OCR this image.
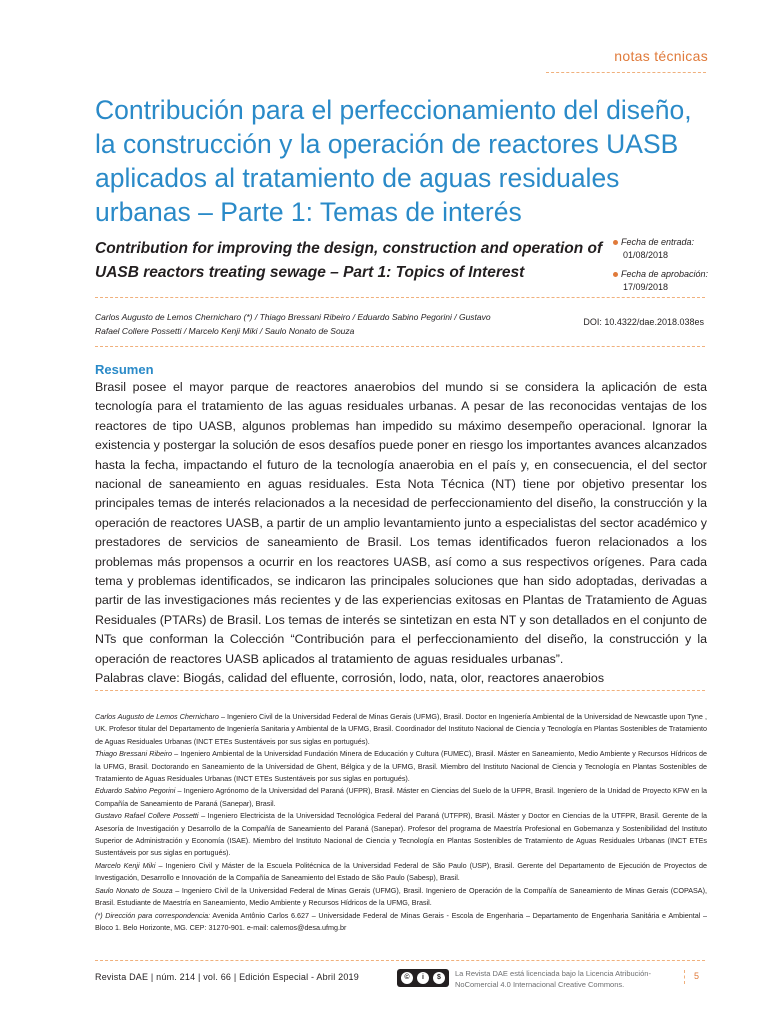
notas técnicas
Contribución para el perfeccionamiento del diseño, la construcción y la operación de reactores UASB aplicados al tratamiento de aguas residuales urbanas – Parte 1: Temas de interés
Contribution for improving the design, construction and operation of UASB reactors treating sewage – Part 1: Topics of Interest
Fecha de entrada:
01/08/2018
Fecha de aprobación:
17/09/2018
Carlos Augusto de Lemos Chernicharo (*) / Thiago Bressani Ribeiro / Eduardo Sabino Pegorini / Gustavo Rafael Collere Possetti / Marcelo Kenji Miki / Saulo Nonato de Souza
DOI: 10.4322/dae.2018.038es
Resumen

Brasil posee el mayor parque de reactores anaerobios del mundo si se considera la aplicación de esta tecnología para el tratamiento de las aguas residuales urbanas. A pesar de las reconocidas ventajas de los reactores de tipo UASB, algunos problemas han impedido su máximo desempeño operacional. Ignorar la existencia y postergar la solución de esos desafíos puede poner en riesgo los importantes avances alcanzados hasta la fecha, impactando el futuro de la tecnología anaerobia en el país y, en consecuencia, el del sector nacional de saneamiento en aguas residuales. Esta Nota Técnica (NT) tiene por objetivo presentar los principales temas de interés relacionados a la necesidad de perfeccionamiento del diseño, la construcción y la operación de reactores UASB, a partir de un amplio levantamiento junto a especialistas del sector académico y prestadores de servicios de saneamiento de Brasil. Los temas identificados fueron relacionados a los problemas más propensos a ocurrir en los reactores UASB, así como a sus respectivos orígenes. Para cada tema y problemas identificados, se indicaron las principales soluciones que han sido adoptadas, derivadas a partir de las investigaciones más recientes y de las experiencias exitosas en Plantas de Tratamiento de Aguas Residuales (PTARs) de Brasil. Los temas de interés se sintetizan en esta NT y son detallados en el conjunto de NTs que conforman la Colección “Contribución para el perfeccionamiento del diseño, la construcción y la operación de reactores UASB aplicados al tratamiento de aguas residuales urbanas”.

Palabras clave: Biogás, calidad del efluente, corrosión, lodo, nata, olor, reactores anaerobios

Carlos Augusto de Lemos Chernicharo – Ingeniero Civil de la Universidad Federal de Minas Gerais (UFMG), Brasil. Doctor en Ingeniería Ambiental de la Universidad de Newcastle upon Tyne , UK. Profesor titular del Departamento de Ingeniería Sanitaria y Ambiental de la UFMG, Brasil. Coordinador del Instituto Nacional de Ciencia y Tecnología en Plantas Sostenibles de Tratamiento de Aguas Residuales Urbanas (INCT ETEs Sustentáveis por sus siglas en portugués).

Thiago Bressani Ribeiro – Ingeniero Ambiental de la Universidad Fundación Minera de Educación y Cultura (FUMEC), Brasil. Máster en Saneamiento, Medio Ambiente y Recursos Hídricos de la UFMG, Brasil. Doctorando en Saneamiento de la Universidad de Ghent, Bélgica y de la UFMG, Brasil. Miembro del Instituto Nacional de Ciencia y Tecnología en Plantas Sostenibles de Tratamiento de Aguas Residuales Urbanas (INCT ETEs Sustentáveis por sus siglas en portugués).

Eduardo Sabino Pegorini – Ingeniero Agrónomo de la Universidad del Paraná (UFPR), Brasil. Máster en Ciencias del Suelo de la UFPR, Brasil. Ingeniero de la Unidad de Proyecto KFW en la Compañía de Saneamiento de Paraná (Sanepar), Brasil.

Gustavo Rafael Collere Possetti – Ingeniero Electricista de la Universidad Tecnológica Federal del Paraná (UTFPR), Brasil. Máster y Doctor en Ciencias de la UTFPR, Brasil. Gerente de la Asesoría de Investigación y Desarrollo de la Compañía de Saneamiento del Paraná (Sanepar). Profesor del programa de Maestría Profesional en Gobernanza y Sostenibilidad del Instituto Superior de Administración y Economía (ISAE). Miembro del Instituto Nacional de Ciencia y Tecnología en Plantas Sostenibles de Tratamiento de Aguas Residuales Urbanas (INCT ETEs Sustentáveis por sus siglas en portugués).

Marcelo Kenji Miki – Ingeniero Civil y Máster de la Escuela Politécnica de la Universidad Federal de São Paulo (USP), Brasil. Gerente del Departamento de Ejecución de Proyectos de Investigación, Desarrollo e Innovación de la Compañía de Saneamiento del Estado de São Paulo (Sabesp), Brasil.

Saulo Nonato de Souza – Ingeniero Civil de la Universidad Federal de Minas Gerais (UFMG), Brasil. Ingeniero de Operación de la Compañía de Saneamiento de Minas Gerais (COPASA), Brasil. Estudiante de Maestría en Saneamiento, Medio Ambiente y Recursos Hídricos de la UFMG, Brasil.

(*) Dirección para correspondencia: Avenida Antônio Carlos 6.627 – Universidade Federal de Minas Gerais - Escola de Engenharia – Departamento de Engenharia Sanitária e Ambiental – Bloco 1. Belo Horizonte, MG. CEP: 31270-901. e-mail: calemos@desa.ufmg.br

Revista DAE | núm. 214 | vol. 66 | Edición Especial - Abril 2019	©	i	$	La Revista DAE está licenciada bajo la Licencia Atribución-NoComercial 4.0 Internacional Creative Commons.
5
